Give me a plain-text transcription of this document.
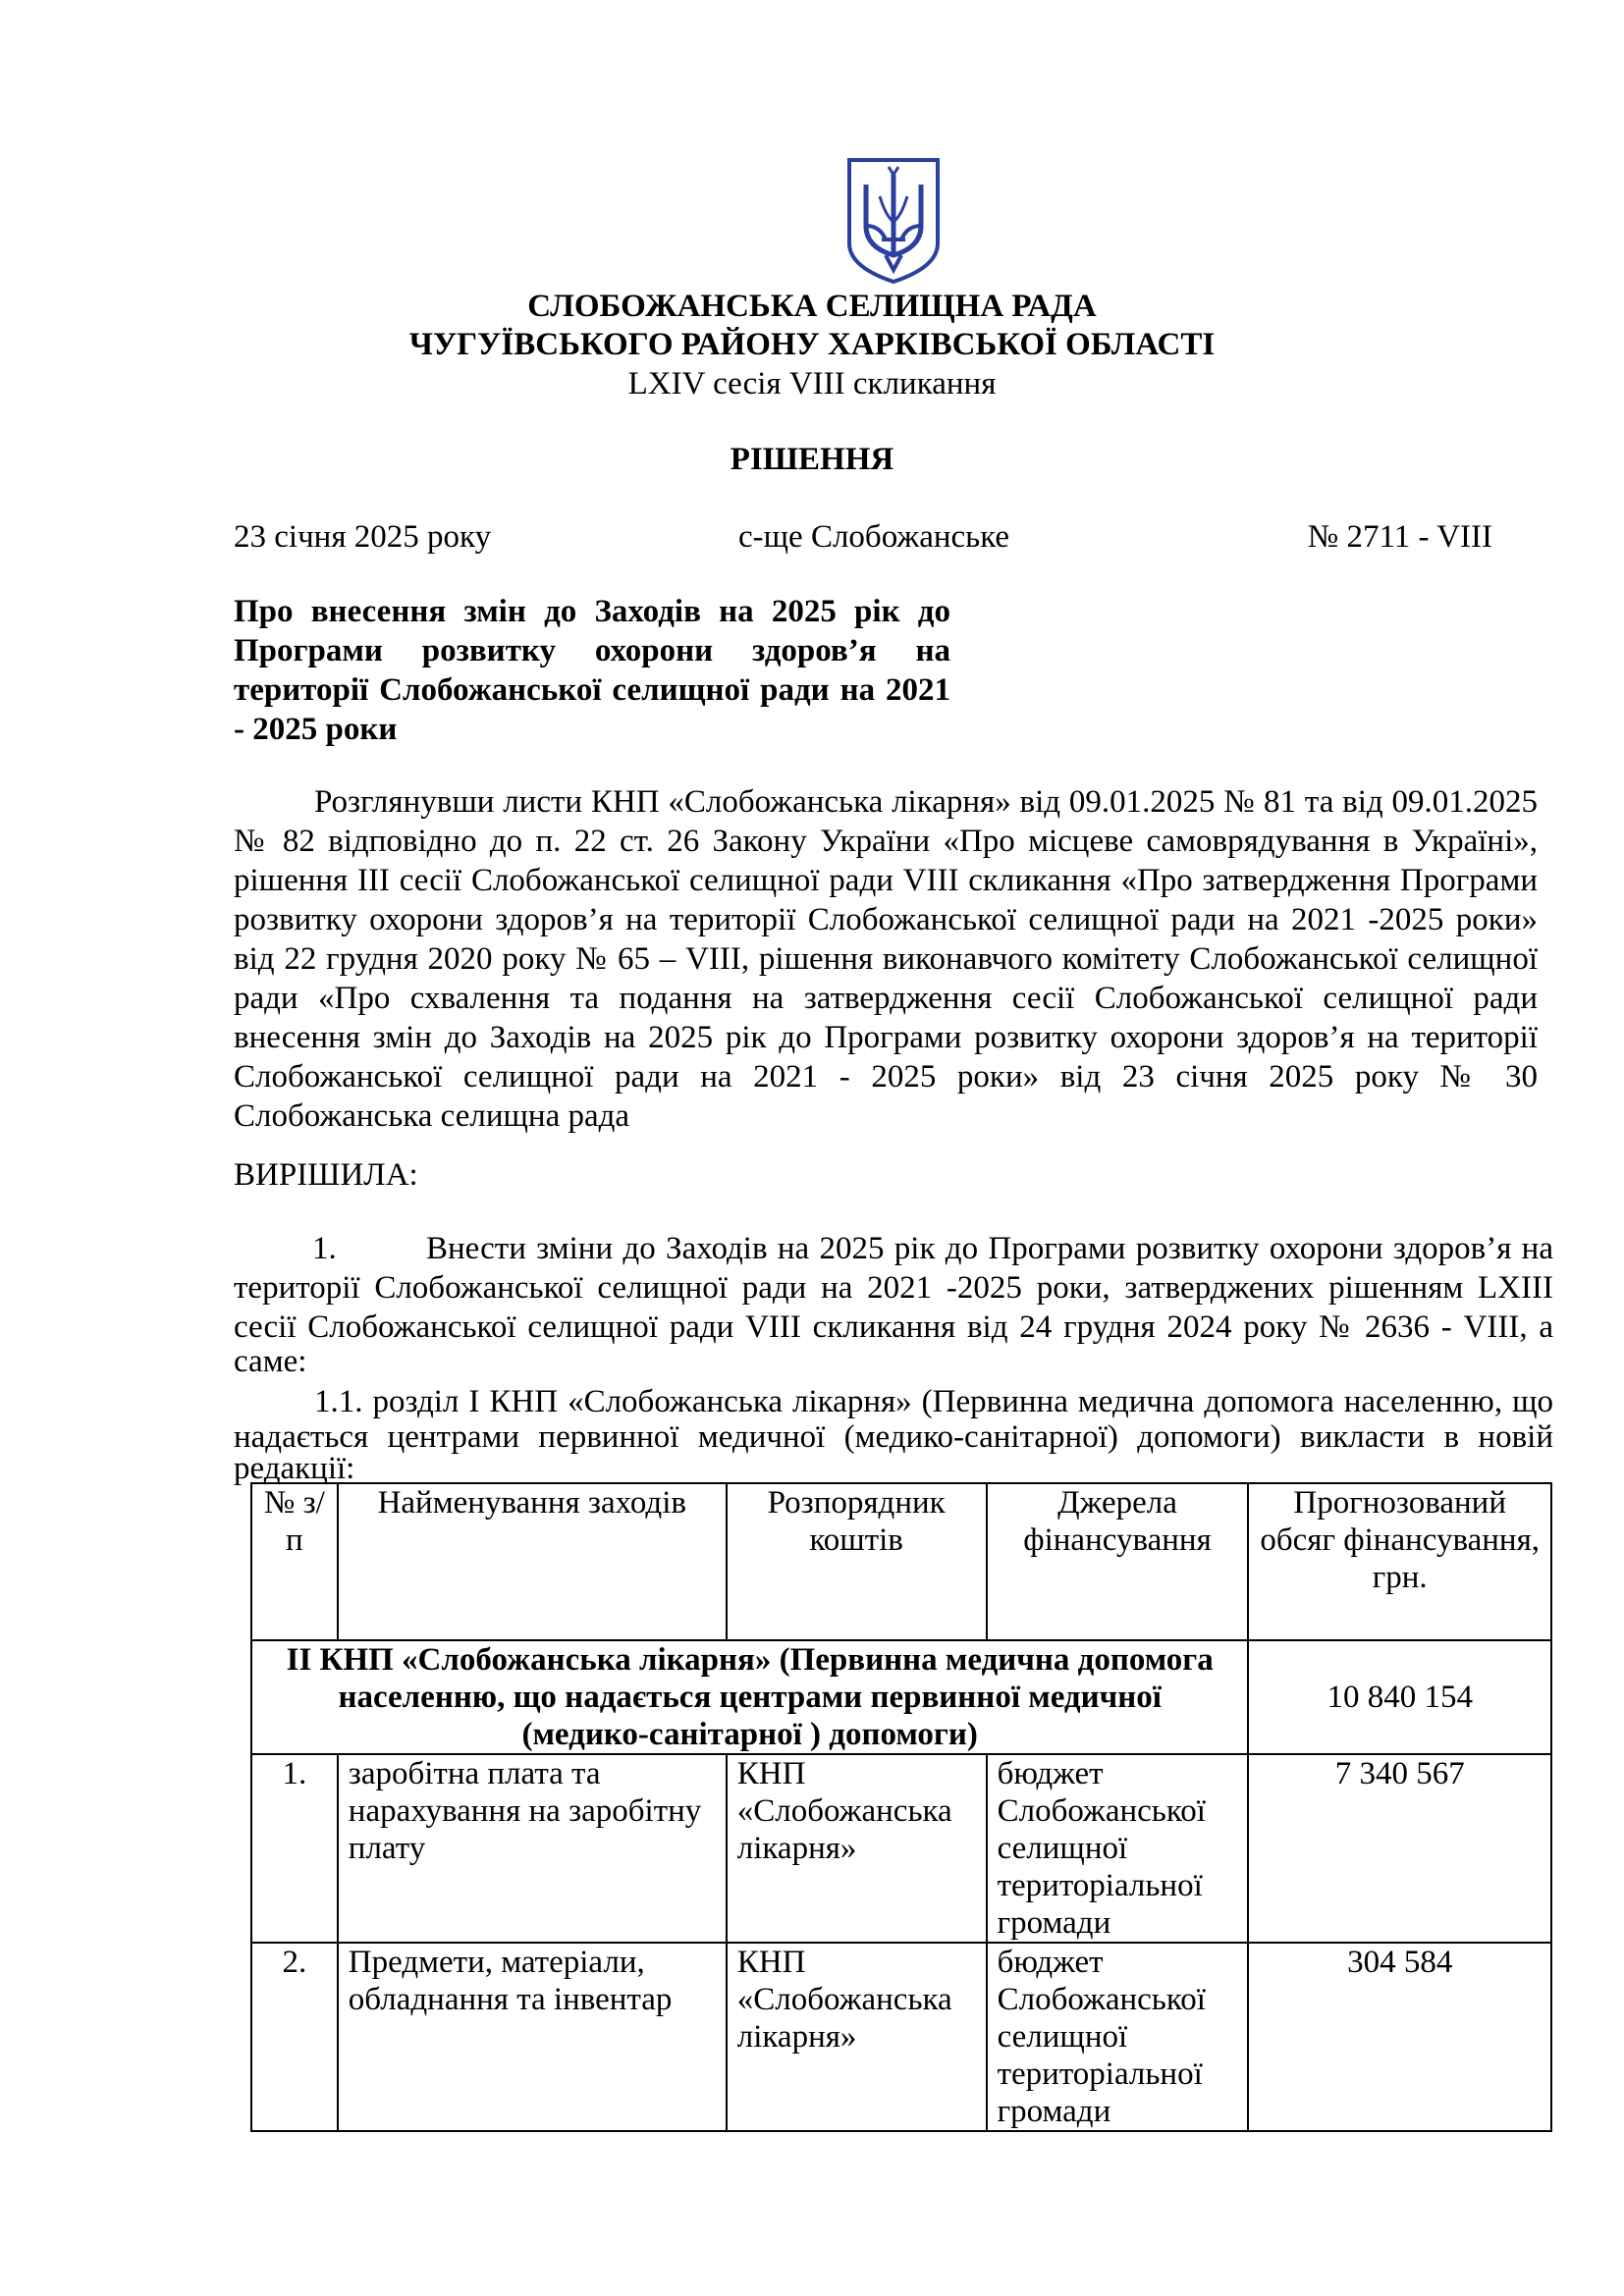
СЛОБОЖАНСЬКА СЕЛИЩНА РАДА
ЧУГУЇВСЬКОГО РАЙОНУ ХАРКІВСЬКОЇ ОБЛАСТІ
LXIV сесія VIII скликання
РІШЕННЯ
23 січня 2025 року	с-ще Слобожанське	№ 2711 - VIII
Про внесення змін до Заходів на 2025 рік до
Програми розвитку охорони здоров’я на
території Слобожанської селищної ради на 2021
- 2025 роки
Розглянувши листи КНП «Слобожанська лікарня» від 09.01.2025 № 81 та від 09.01.2025
№ 82 відповідно до п. 22 ст. 26 Закону України «Про місцеве самоврядування в Україні»,
рішення ІІІ сесії Слобожанської селищної ради VIІІ скликання «Про затвердження Програми
розвитку охорони здоров’я на території Слобожанської селищної ради на 2021 -2025 роки»
від 22 грудня 2020 року № 65 – VIІІ, рішення виконавчого комітету Слобожанської селищної
ради «Про схвалення та подання на затвердження сесії Слобожанської селищної ради
внесення змін до Заходів на 2025 рік до Програми розвитку охорони здоров’я на території
Слобожанської селищної ради на 2021 - 2025 роки» від 23 січня 2025 року № 30
Слобожанська селищна рада
ВИРІШИЛА:
1.	Внести зміни до Заходів на 2025 рік до Програми розвитку охорони здоров’я на
території Слобожанської селищної ради на 2021 -2025 роки, затверджених рішенням LXIII
сесії Слобожанської селищної ради VIII скликання від 24 грудня 2024 року № 2636 - VIII, а
саме:
1.1. розділ І КНП «Слобожанська лікарня» (Первинна медична допомога населенню, що
надається центрами первинної медичної (медико-санітарної) допомоги) викласти в новій
редакції:
№ з/п	Найменування заходів	Розпорядник коштів	Джерела фінансування	Прогнозований обсяг фінансування, грн.
ІІ КНП «Слобожанська лікарня» (Первинна медична допомога населенню, що надається центрами первинної медичної (медико-санітарної ) допомоги)				10 840 154
1.	заробітна плата та нарахування на заробітну плату	КНП «Слобожанська лікарня»	бюджет Слобожанської селищної територіальної громади	7 340 567
2.	Предмети, матеріали, обладнання та інвентар	КНП «Слобожанська лікарня»	бюджет Слобожанської селищної територіальної громади	304 584
